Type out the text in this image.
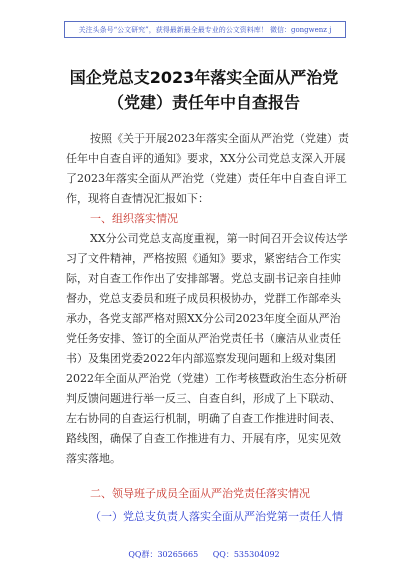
关注头条号“公文研究”，获得最新最全最专业的公文资料库！ 微信：gongwenz j
国企党总支2023年落实全面从严治党
（党建）责任年中自查报告
按照《关于开展2023年落实全面从严治党（党建）责
任年中自查自评的通知》要求，XX分公司党总支深入开展
了2023年落实全面从严治党（党建）责任年中自查自评工
作，现将自查情况汇报如下：
一、组织落实情况
XX分公司党总支高度重视，第一时间召开会议传达学
习了文件精神，严格按照《通知》要求，紧密结合工作实
际，对自查工作作出了安排部署。党总支副书记亲自挂帅
督办，党总支委员和班子成员积极协办，党群工作部牵头
承办，各党支部严格对照XX分公司2023年度全面从严治
党任务安排、签订的全面从严治党责任书（廉洁从业责任
书）及集团党委2022年内部巡察发现问题和上级对集团
2022年全面从严治党（党建）工作考核暨政治生态分析研
判反馈问题进行举一反三、自查自纠，形成了上下联动、
左右协同的自查运行机制，明确了自查工作推进时间表、
路线图，确保了自查工作推进有力、开展有序，见实见效
落实落地。
二、领导班子成员全面从严治党责任落实情况
（一）党总支负责人落实全面从严治党第一责任人情
QQ群：30265665 QQ：535304092
